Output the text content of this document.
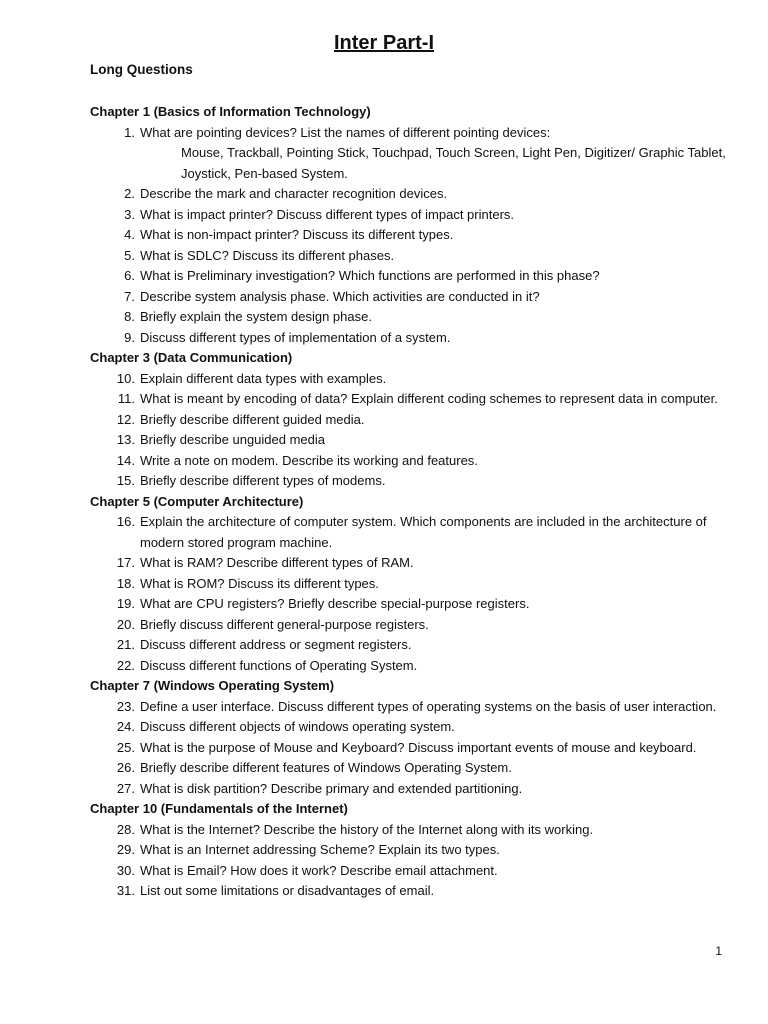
Inter Part-I
Long Questions
Chapter 1 (Basics of Information Technology)
1. What are pointing devices? List the names of different pointing devices:
Mouse, Trackball, Pointing Stick, Touchpad, Touch Screen, Light Pen, Digitizer/ Graphic Tablet, Joystick, Pen-based System.
2. Describe the mark and character recognition devices.
3. What is impact printer? Discuss different types of impact printers.
4. What is non-impact printer? Discuss its different types.
5. What is SDLC? Discuss its different phases.
6. What is Preliminary investigation? Which functions are performed in this phase?
7. Describe system analysis phase. Which activities are conducted in it?
8. Briefly explain the system design phase.
9. Discuss different types of implementation of a system.
Chapter 3 (Data Communication)
10. Explain different data types with examples.
11. What is meant by encoding of data? Explain different coding schemes to represent data in computer.
12. Briefly describe different guided media.
13. Briefly describe unguided media
14. Write a note on modem. Describe its working and features.
15. Briefly describe different types of modems.
Chapter 5 (Computer Architecture)
16. Explain the architecture of computer system. Which components are included in the architecture of modern stored program machine.
17. What is RAM? Describe different types of RAM.
18. What is ROM? Discuss its different types.
19. What are CPU registers? Briefly describe special-purpose registers.
20. Briefly discuss different general-purpose registers.
21. Discuss different address or segment registers.
22. Discuss different functions of Operating System.
Chapter 7 (Windows Operating System)
23. Define a user interface. Discuss different types of operating systems on the basis of user interaction.
24. Discuss different objects of windows operating system.
25. What is the purpose of Mouse and Keyboard? Discuss important events of mouse and keyboard.
26. Briefly describe different features of Windows Operating System.
27. What is disk partition? Describe primary and extended partitioning.
Chapter 10 (Fundamentals of the Internet)
28. What is the Internet? Describe the history of the Internet along with its working.
29. What is an Internet addressing Scheme? Explain its two types.
30. What is Email? How does it work? Describe email attachment.
31. List out some limitations or disadvantages of email.
1
